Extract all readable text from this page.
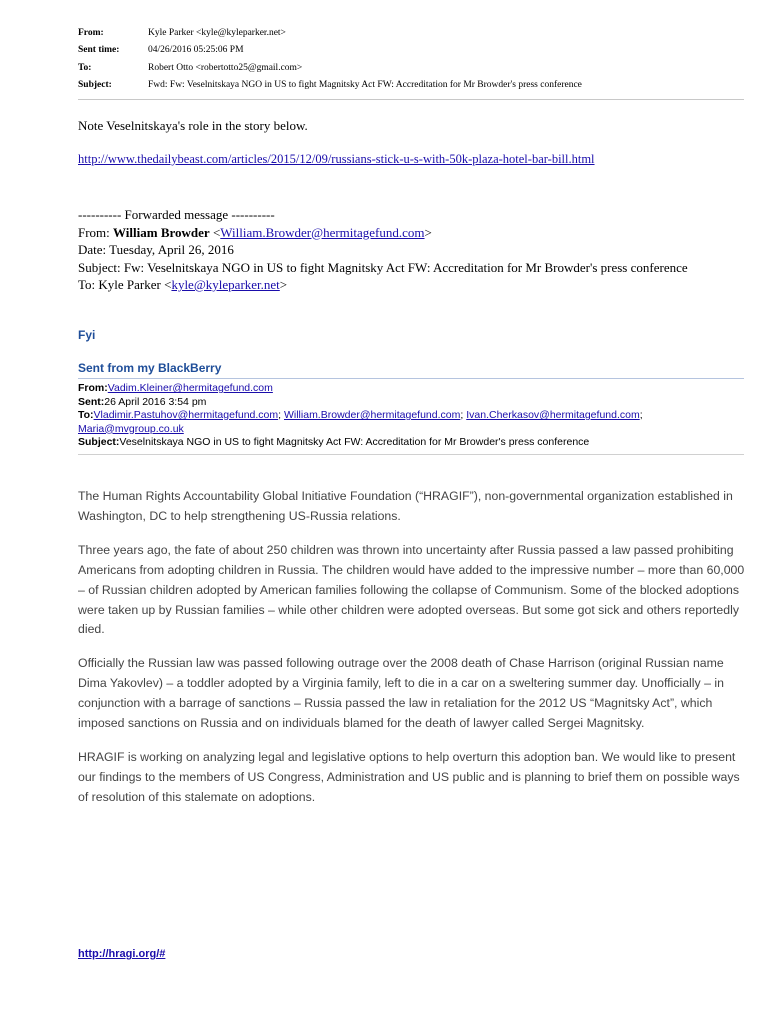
From:	Kyle Parker <kyle@kyleparker.net>
Sent time:	04/26/2016 05:25:06 PM
To:	Robert Otto <robertotto25@gmail.com>
Subject:	Fwd: Fw: Veselnitskaya NGO in US to fight Magnitsky Act FW: Accreditation for Mr Browder's press conference
Note Veselnitskaya's role in the story below.
http://www.thedailybeast.com/articles/2015/12/09/russians-stick-u-s-with-50k-plaza-hotel-bar-bill.html
---------- Forwarded message ----------
From: William Browder <William.Browder@hermitagefund.com>
Date: Tuesday, April 26, 2016
Subject: Fw: Veselnitskaya NGO in US to fight Magnitsky Act FW: Accreditation for Mr Browder's press conference
To: Kyle Parker <kyle@kyleparker.net>
Fyi
Sent from my BlackBerry
From:Vadim.Kleiner@hermitagefund.com
Sent:26 April 2016 3:54 pm
To:Vladimir.Pastuhov@hermitagefund.com; William.Browder@hermitagefund.com; Ivan.Cherkasov@hermitagefund.com;
Maria@mvgroup.co.uk
Subject:Veselnitskaya NGO in US to fight Magnitsky Act FW: Accreditation for Mr Browder's press conference

The Human Rights Accountability Global Initiative Foundation (“HRAGIF”), non-governmental organization established in Washington, DC to help strengthening US-Russia relations.

Three years ago, the fate of about 250 children was thrown into uncertainty after Russia passed a law passed prohibiting Americans from adopting children in Russia. The children would have added to the impressive number – more than 60,000 – of Russian children adopted by American families following the collapse of Communism. Some of the blocked adoptions were taken up by Russian families – while other children were adopted overseas. But some got sick and others reportedly died.

Officially the Russian law was passed following outrage over the 2008 death of Chase Harrison (original Russian name Dima Yakovlev) – a toddler adopted by a Virginia family, left to die in a car on a sweltering summer day. Unofficially – in conjunction with a barrage of sanctions – Russia passed the law in retaliation for the 2012 US “Magnitsky Act”, which imposed sanctions on Russia and on individuals blamed for the death of lawyer called Sergei Magnitsky.

HRAGIF is working on analyzing legal and legislative options to help overturn this adoption ban. We would like to present our findings to the members of US Congress, Administration and US public and is planning to brief them on possible ways of resolution of this stalemate on adoptions.

http://hragi.org/#
